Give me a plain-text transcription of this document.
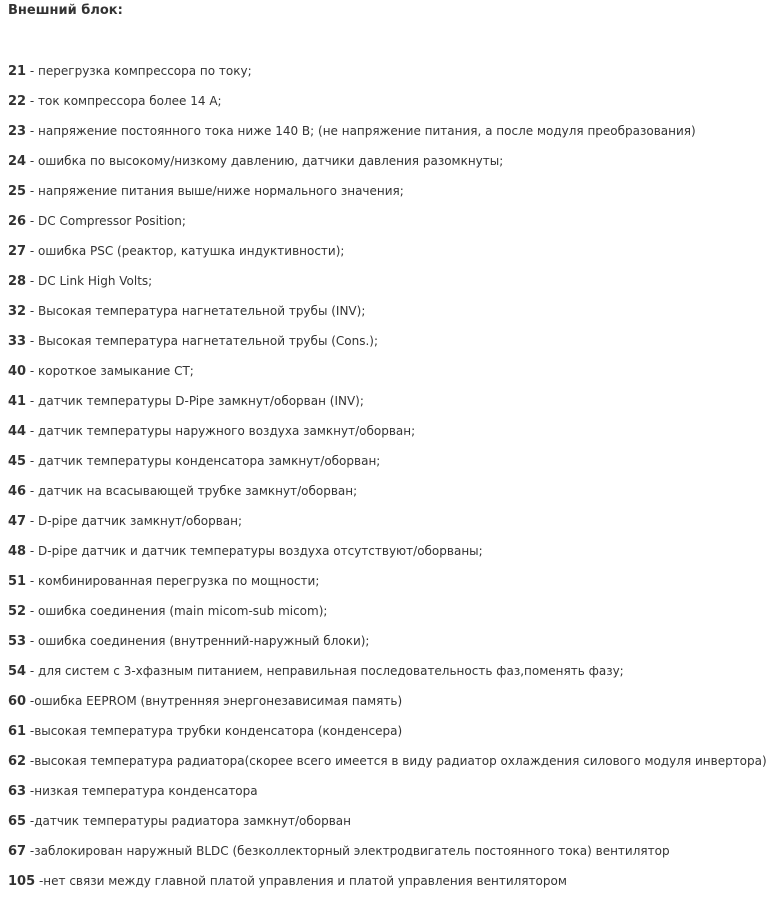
Внешний блок:
21 - перегрузка компрессора по току;
22 - ток компрессора более 14 А;
23 - напряжение постоянного тока ниже 140 В; (не напряжение питания, а после модуля преобразования)
24 - ошибка по высокому/низкому давлению, датчики давления разомкнуты;
25 - напряжение питания выше/ниже нормального значения;
26 - DC Compressor Position;
27 - ошибка PSC (реактор, катушка индуктивности);
28 - DC Link High Volts;
32 - Высокая температура нагнетательной трубы (INV);
33 - Высокая температура нагнетательной трубы (Cons.);
40 - короткое замыкание CT;
41 - датчик температуры D-Pipe замкнут/оборван (INV);
44 - датчик температуры наружного воздуха замкнут/оборван;
45 - датчик температуры конденсатора замкнут/оборван;
46 - датчик на всасывающей трубке замкнут/оборван;
47 - D-pipe датчик замкнут/оборван;
48 - D-pipe датчик и датчик температуры воздуха отсутствуют/оборваны;
51 - комбинированная перегрузка по мощности;
52 - ошибка соединения (main micom-sub micom);
53 - ошибка соединения (внутренний-наружный блоки);
54 - для систем с 3-хфазным питанием, неправильная последовательность фаз,поменять фазу;
60 -ошибка EEPROM (внутренняя энергонезависимая память)
61 -высокая температура трубки конденсатора (конденсера)
62 -высокая температура радиатора(скорее всего имеется в виду радиатор охлаждения силового модуля инвертора)
63 -низкая температура конденсатора
65 -датчик температуры радиатора замкнут/оборван
67 -заблокирован наружный BLDC (безколлекторный электродвигатель постоянного тока) вентилятор
105 -нет связи между главной платой управления и платой управления вентилятором
